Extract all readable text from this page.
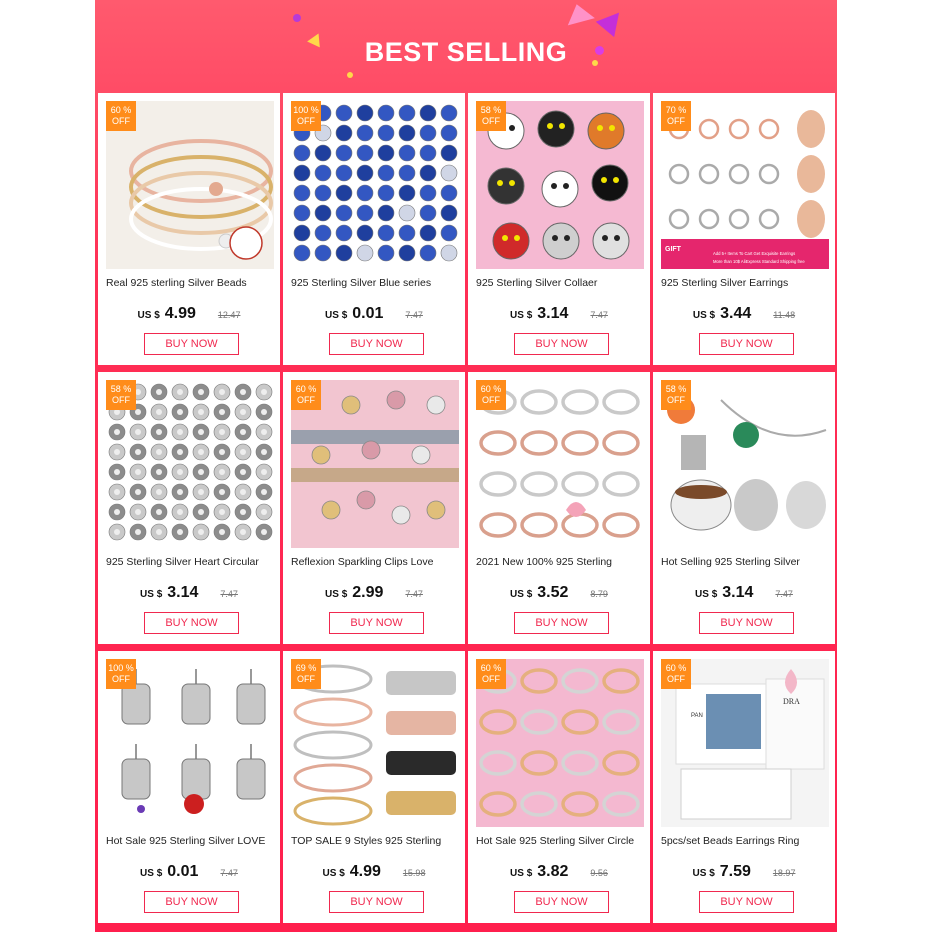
BEST SELLING
60 %
OFF
Real 925 sterling Silver Beads
US $ 4.99 12.47
BUY NOW
100 %
OFF
925 Sterling Silver Blue series
US $ 0.01 7.47
BUY NOW
58 %
OFF
925 Sterling Silver Collaer
US $ 3.14 7.47
BUY NOW
GIFT
Add 5+ Items To Cart Get Exquisite Earrings
More than 10$ AliExpress Standard Shipping free
70 %
OFF
925 Sterling Silver Earrings
US $ 3.44 11.48
BUY NOW
58 %
OFF
925 Sterling Silver Heart Circular
US $ 3.14 7.47
BUY NOW
60 %
OFF
Reflexion Sparkling Clips Love
US $ 2.99 7.47
BUY NOW
60 %
OFF
2021 New 100% 925 Sterling
US $ 3.52 8.79
BUY NOW
58 %
OFF
Hot Selling 925 Sterling Silver
US $ 3.14 7.47
BUY NOW
100 %
OFF
Hot Sale 925 Sterling Silver LOVE
US $ 0.01 7.47
BUY NOW
69 %
OFF
TOP SALE 9 Styles 925 Sterling
US $ 4.99 15.98
BUY NOW
60 %
OFF
Hot Sale 925 Sterling Silver Circle
US $ 3.82 9.56
BUY NOW
PAN
DRA
60 %
OFF
5pcs/set Beads Earrings Ring
US $ 7.59 18.97
BUY NOW
